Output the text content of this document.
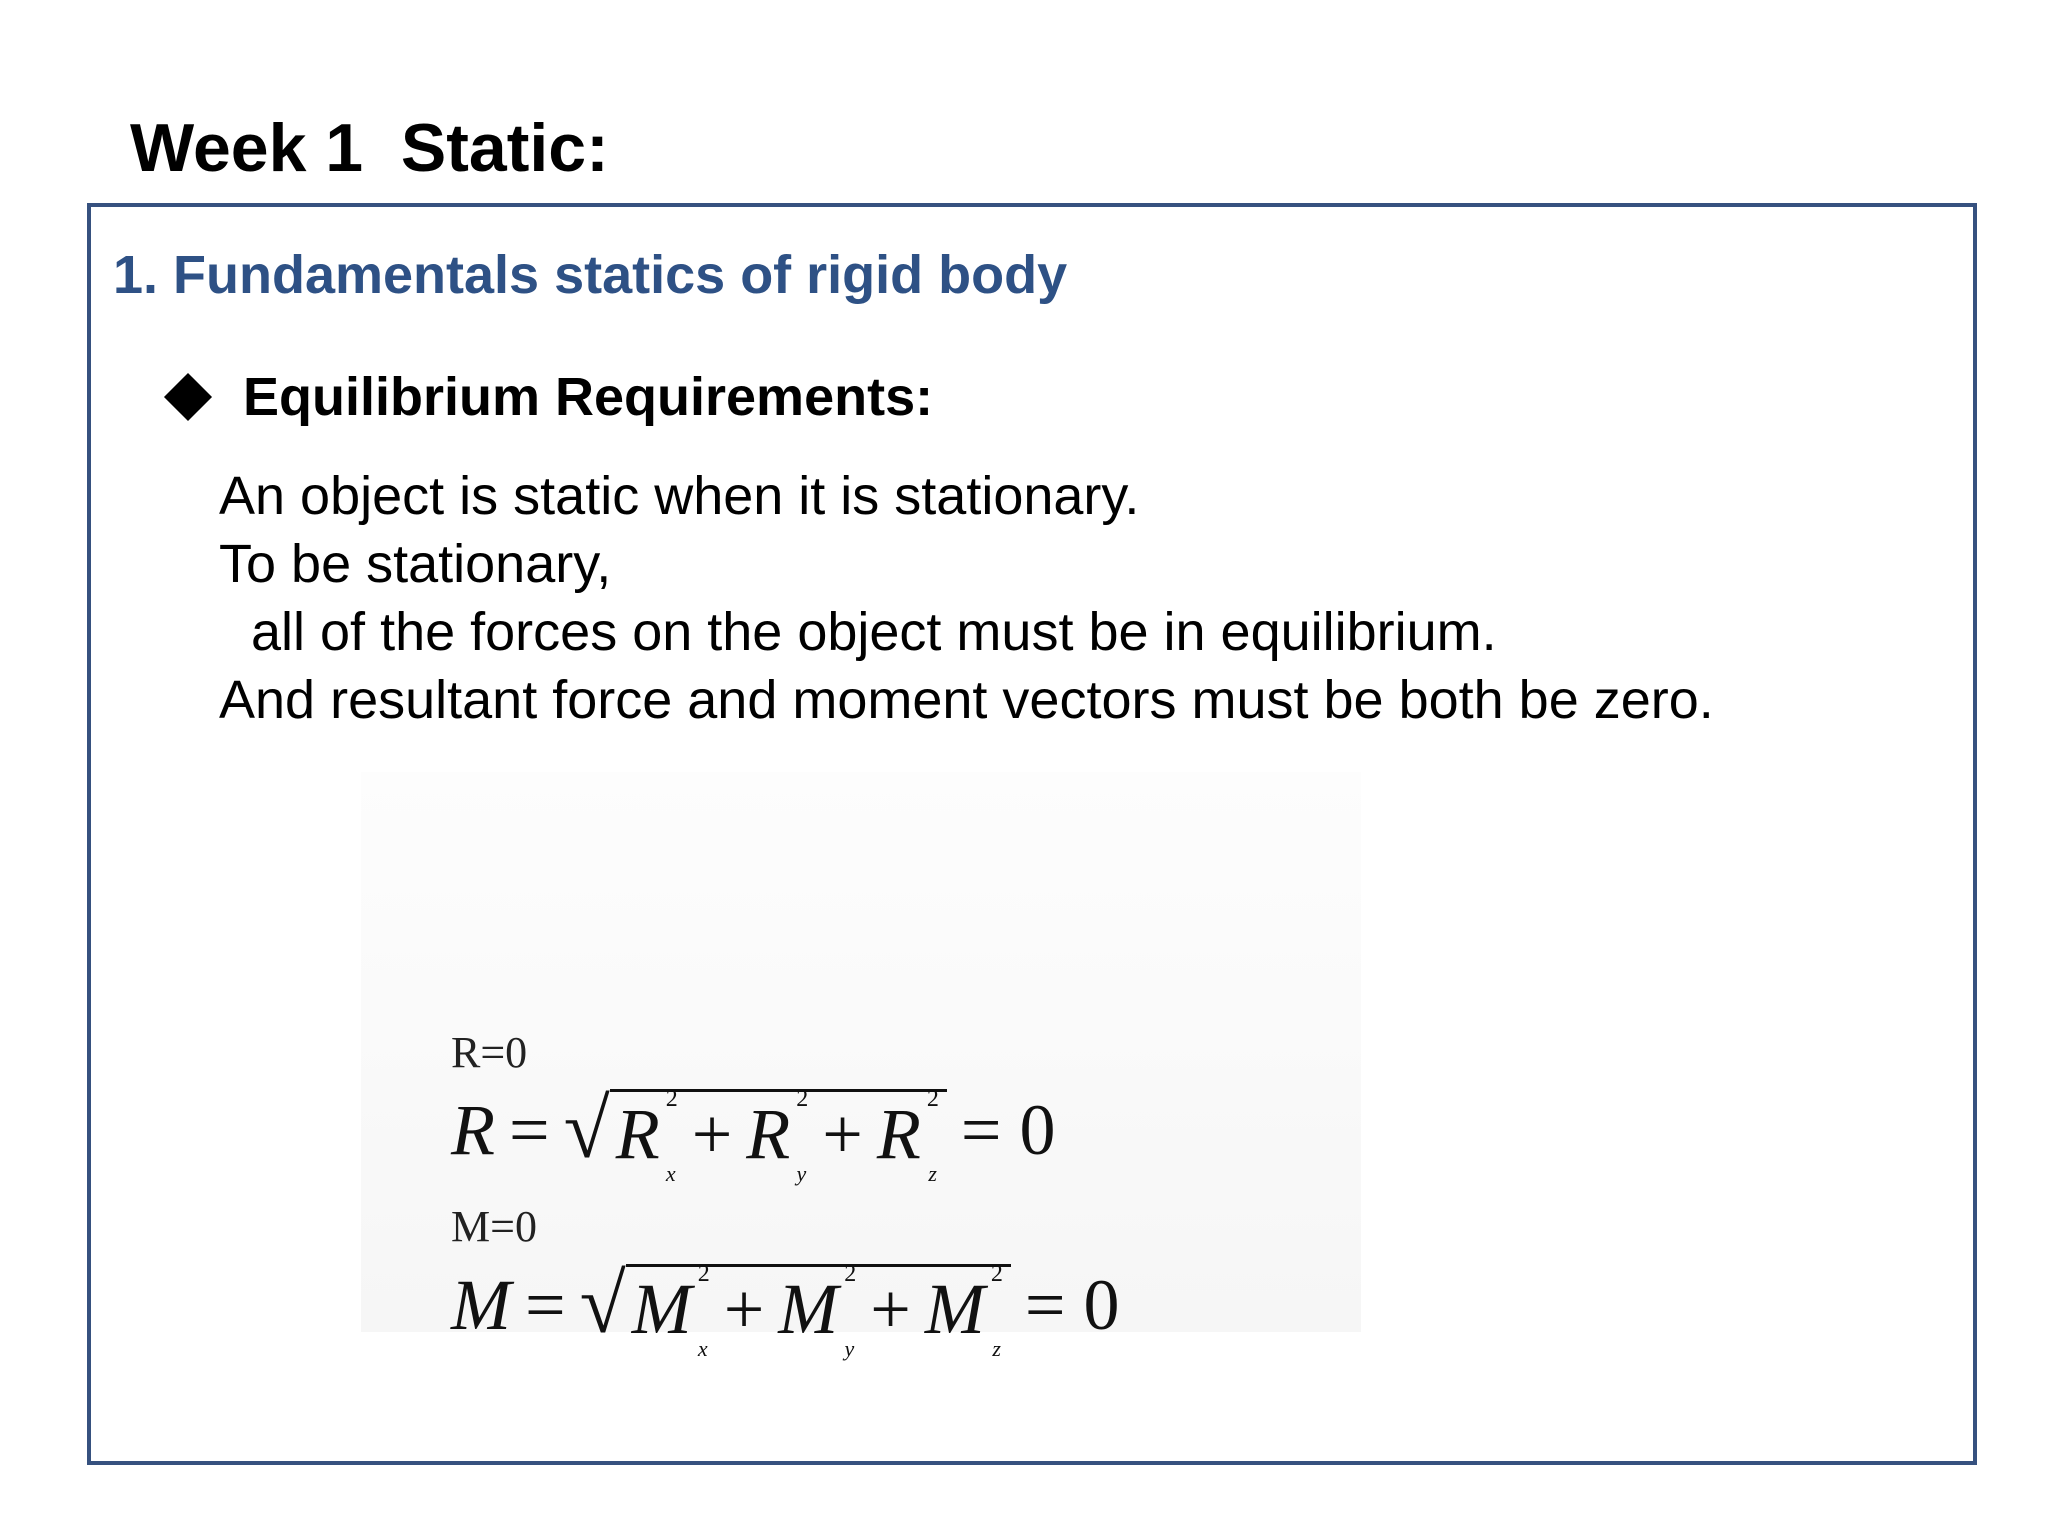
Week 1  Static:
1. Fundamentals statics of rigid body
Equilibrium Requirements:
An object is static when it is stationary.
To be stationary,
all of the forces on the object must be in equilibrium.
And resultant force and moment vectors must be both be zero.
R=0
R = √ R 2
x + R 2
y + R 2
z
= 0
M=0
M = √ M 2
x + M 2
y + M 2
z
= 0
